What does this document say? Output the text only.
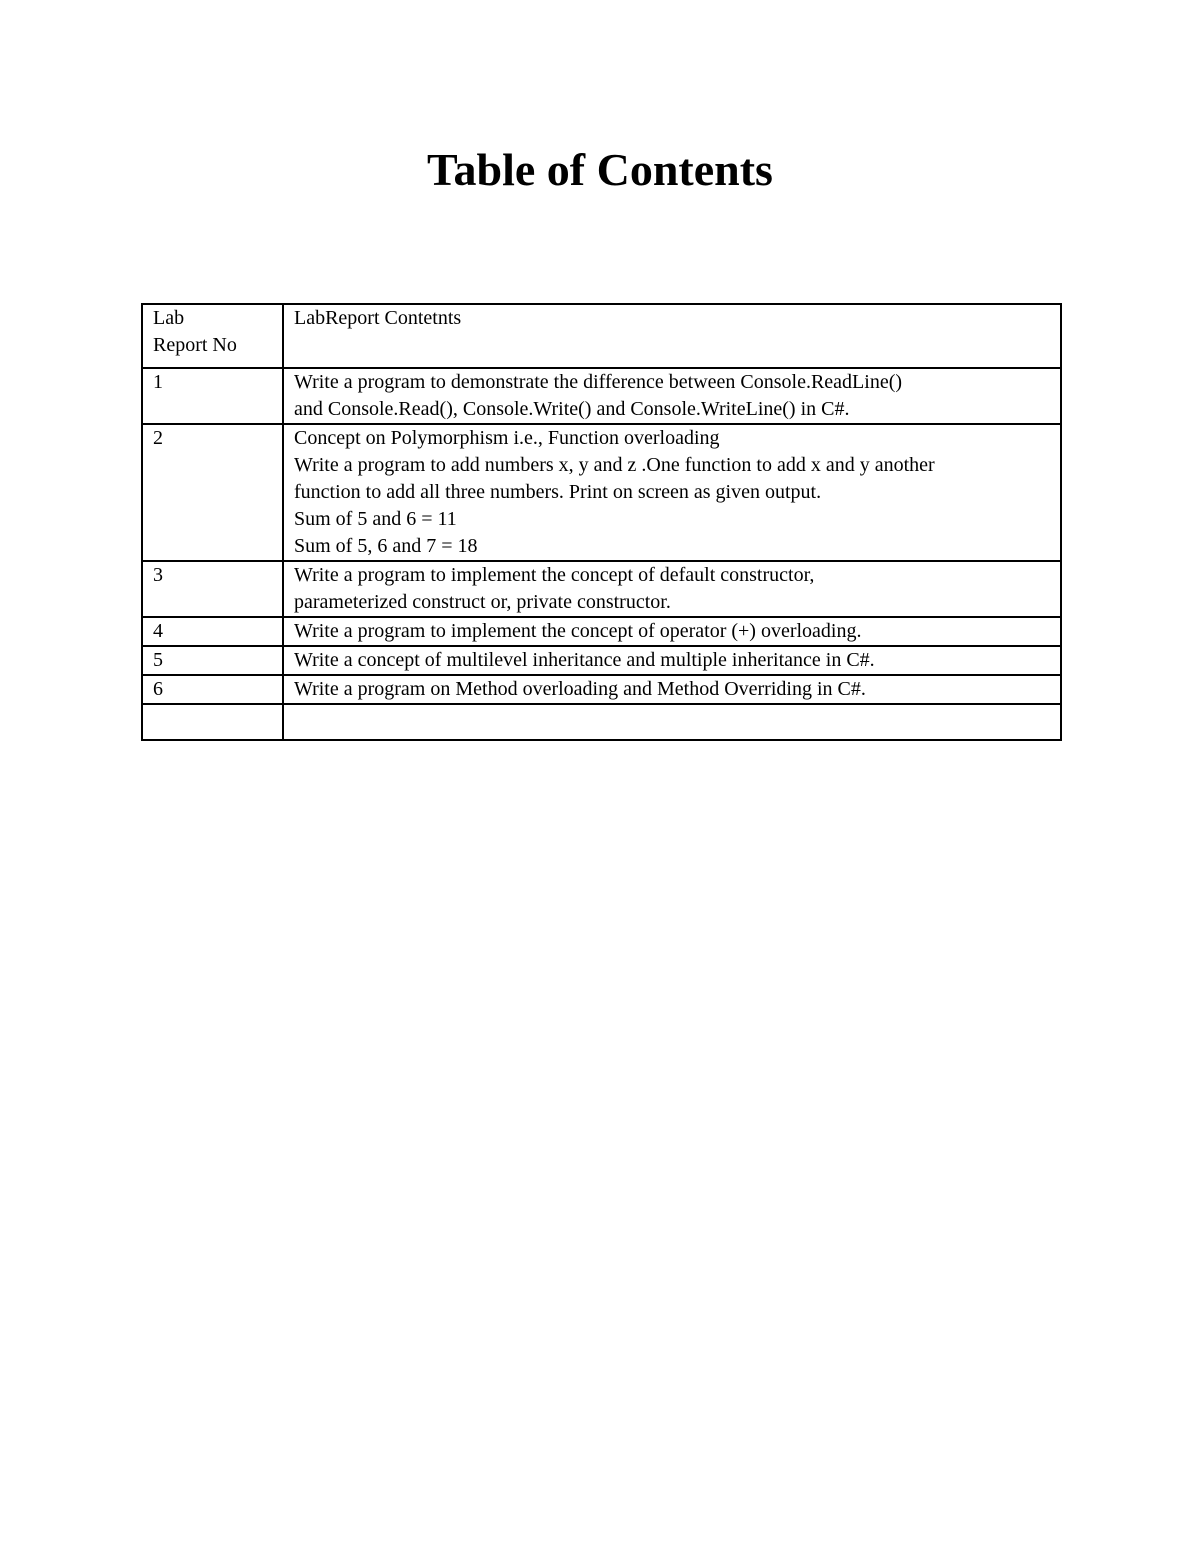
Table of Contents
Lab
Report No	LabReport Contetnts
1	Write a program to demonstrate the difference between Console.ReadLine()
and Console.Read(), Console.Write() and Console.WriteLine() in C#.

2	Concept on Polymorphism i.e., Function overloading
Write a program to add numbers x, y and z .One function to add x and y another
function to add all three numbers. Print on screen as given output.
Sum of 5 and 6 = 11
Sum of 5, 6 and 7 = 18

3	Write a program to implement the concept of default constructor,
parameterized construct or, private constructor.

4	Write a program to implement the concept of operator (+) overloading.

5	Write a concept of multilevel inheritance and multiple inheritance in C#.

6	Write a program on Method overloading and Method Overriding in C#.
